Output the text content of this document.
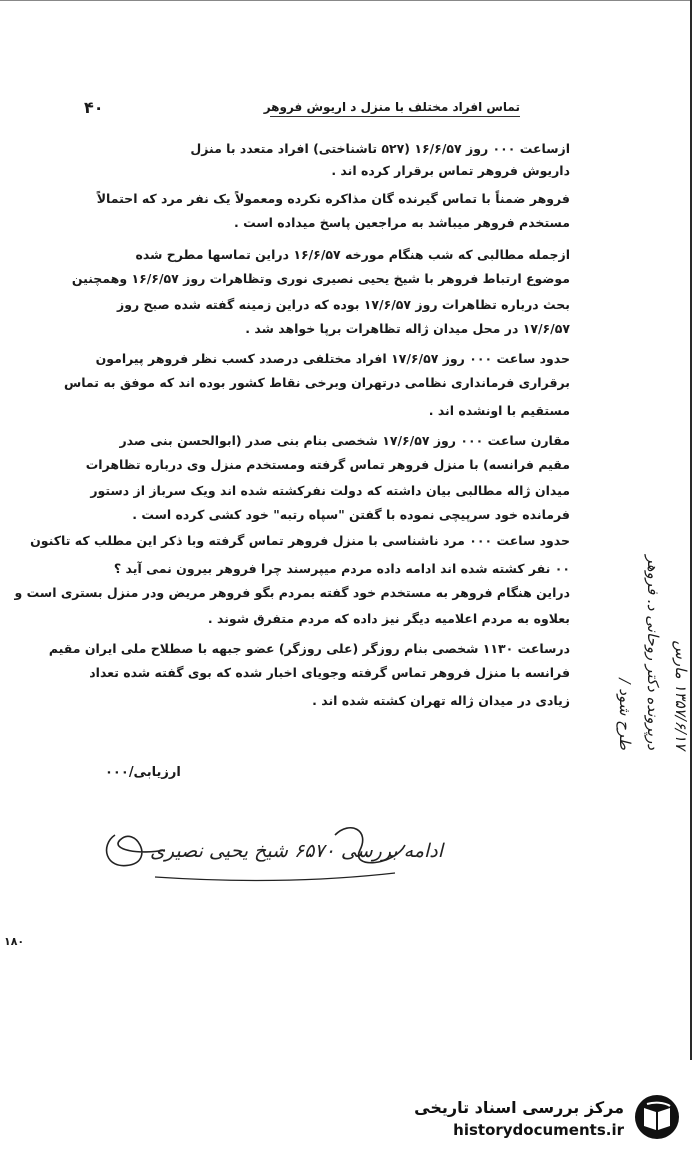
۴۰	تماس افراد مختلف با منزل د اریوش فروهر
ازساعت ۰۰۰ روز ۱۶/۶/۵۷ (۵۲۷ تاشناختی) افراد متعدد با منزل
داریوش فروهر تماس برقرار کرده اند .
فروهر ضمناً با تماس گیرنده گان مذاکره نکرده ومعمولاً یک نفر مرد که احتمالاً
مستخدم فروهر میباشد به مراجعین پاسخ میداده است .
ازجمله مطالبی که شب هنگام مورخه ۱۶/۶/۵۷ دراین تماسها مطرح شده
موضوع ارتباط فروهر با شیخ یحیی نصیری نوری وتظاهرات روز ۱۶/۶/۵۷ وهمچنین
بحث درباره تظاهرات روز ۱۷/۶/۵۷ بوده که دراین زمینه گفته شده صبح روز
۱۷/۶/۵۷ در محل میدان ژاله تظاهرات برپا خواهد شد .
حدود ساعت ۰۰۰ روز ۱۷/۶/۵۷ افراد مختلفی درصدد کسب نظر فروهر پیرامون
برقراری فرمانداری نظامی درتهران وبرخی نقاط کشور بوده اند که موفق به تماس
مستقیم با اونشده اند .
مقارن ساعت ۰۰۰ روز ۱۷/۶/۵۷ شخصی بنام بنی صدر (ابوالحسن بنی صدر
مقیم فرانسه) با منزل فروهر تماس گرفته ومستخدم منزل وی درباره تظاهرات
میدان ژاله مطالبی بیان داشته که دولت نفرکشته شده اند ویک سرباز از دستور
فرمانده خود سرپیچی نموده با گفتن "سپاه رتبه" خود کشی کرده است .
حدود ساعت ۰۰۰ مرد ناشناسی با منزل فروهر تماس گرفته وبا ذکر این مطلب که تاکنون
۰۰ نفر کشته شده اند ادامه داده مردم میپرسند چرا فروهر بیرون نمی آید ؟
دراین هنگام فروهر به مستخدم خود گفته بمردم بگو فروهر مریض ودر منزل بستری است و
بعلاوه به مردم اعلامیه دیگر نیز داده که مردم متفرق شوند .
درساعت ۱۱۳۰ شخصی بنام روزگر (علی روزگر) عضو جبهه با صطلاح ملی ایران مقیم
فرانسه با منزل فروهر تماس گرفته وجویای اخبار شده که بوی گفته شده تعداد
زیادی در میدان ژاله تهران کشته شده اند .
ارزیابی/۰۰۰
ادامه بررسی ۶۵۷۰ شیخ یحیی نصیری
۱۳۵۷/۶/۱۷ مارس
درپرونده دکتر روحانی د. فروهر
طرح شود /
۱۸۰
مرکز بررسی اسناد تاریخی
historydocuments.ir
